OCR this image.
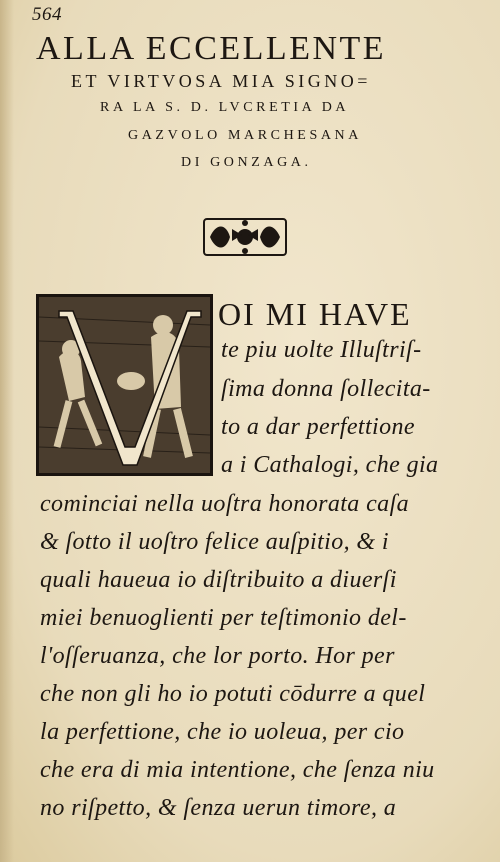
564
ALLA ECCELLENTE
ET VIRTVOSA MIA SIGNO=
RA LA S. D. LVCRETIA DA
GAZVOLO MARCHESANA
DI GONZAGA.
OI MI HAVE
te piu uolte Illuſtriſ-
ſima donna ſollecita-
to a dar perfettione
a i Cathalogi, che gia
cominciai nella uoſtra honorata caſa
& ſotto il uoſtro felice auſpitio, & i
quali haueua io diſtribuito a diuerſi
miei benuoglienti per teſtimonio del-
l'oſſeruanza, che lor porto. Hor per
che non gli ho io potuti cōdurre a quel
la perfettione, che io uoleua, per cio
che era di mia intentione, che ſenza niu
no riſpetto, & ſenza uerun timore, a
